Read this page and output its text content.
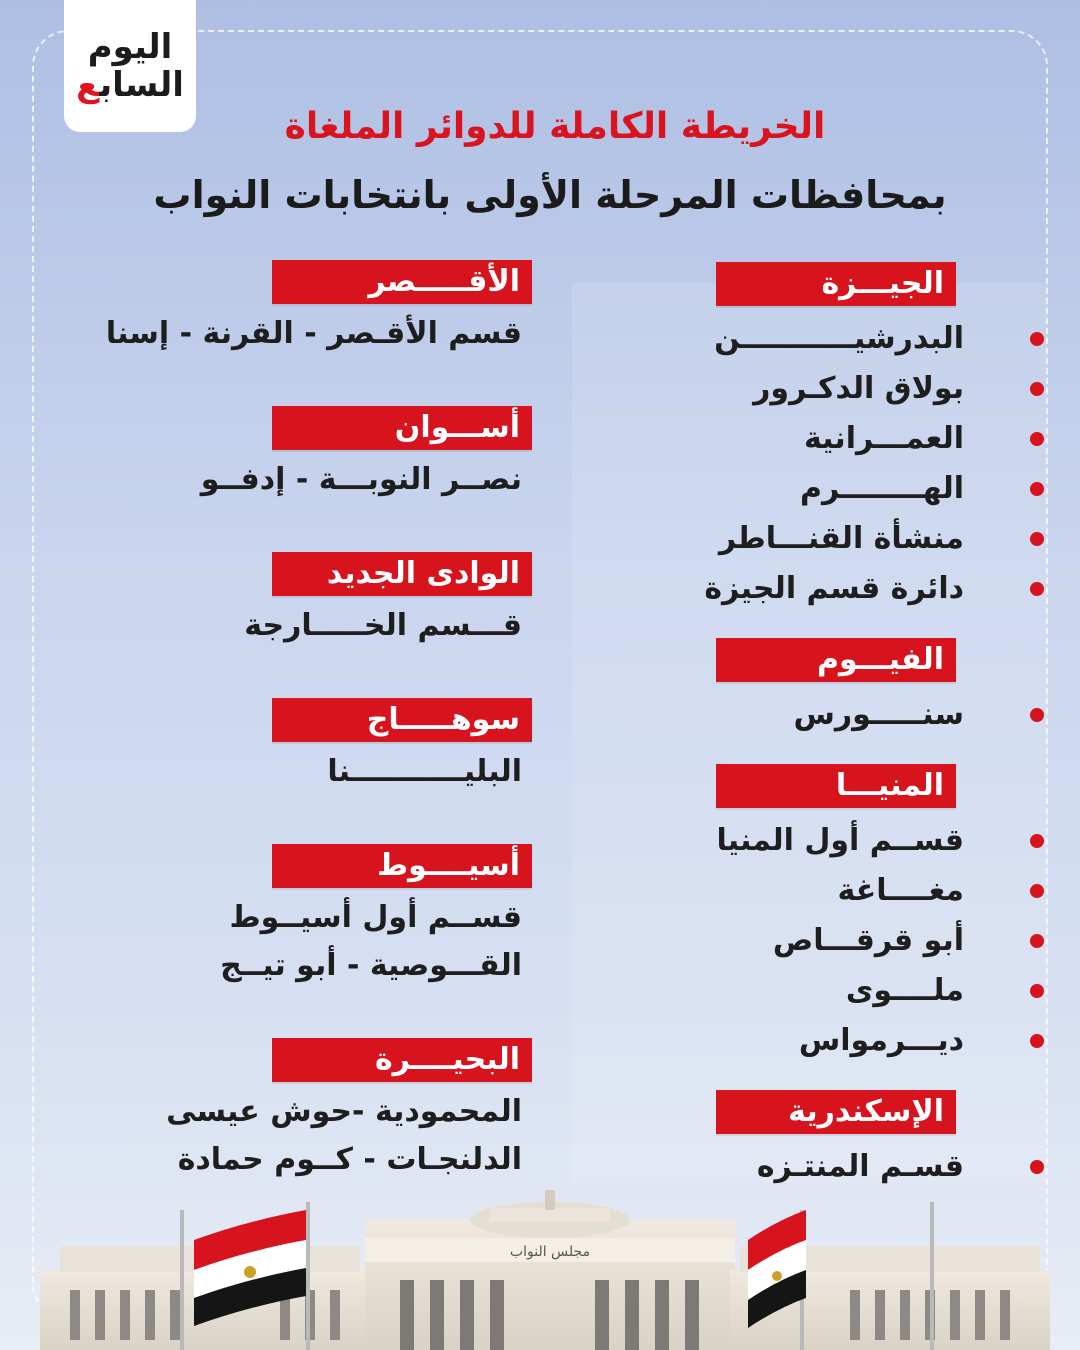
اليوم
السابع
الخريطة الكاملة للدوائر الملغاة
بمحافظات المرحلة الأولى بانتخابات النواب
الجيـــزة
البدرشيـــــــــــن
بولاق الدكـرور
العمـــرانية
الهــــــــرم
منشأة القنـــاطر
دائرة قسم الجيزة
الفيـــوم
سنـــــورس
المنيـــا
قســم أول المنيا
مغــــاغة
أبو قرقـــاص
ملــــوى
ديـــرمواس
الإسكندرية
قسـم المنتـزه
الأقـــــصر
قسم الأقـصر - القرنة - إسنا
أســـوان
نصــر النوبـــة - إدفــو
الوادى الجديد
قـــسم الخـــــارجة
سوهـــــاج
البليـــــــــــنا
أسيــــوط
قســم أول أسيــوط
القـــوصية - أبو تيــج
البحيــــرة
المحمودية -حوش عيسى
الدلنجـات - كــوم حمادة
مجلس النواب
